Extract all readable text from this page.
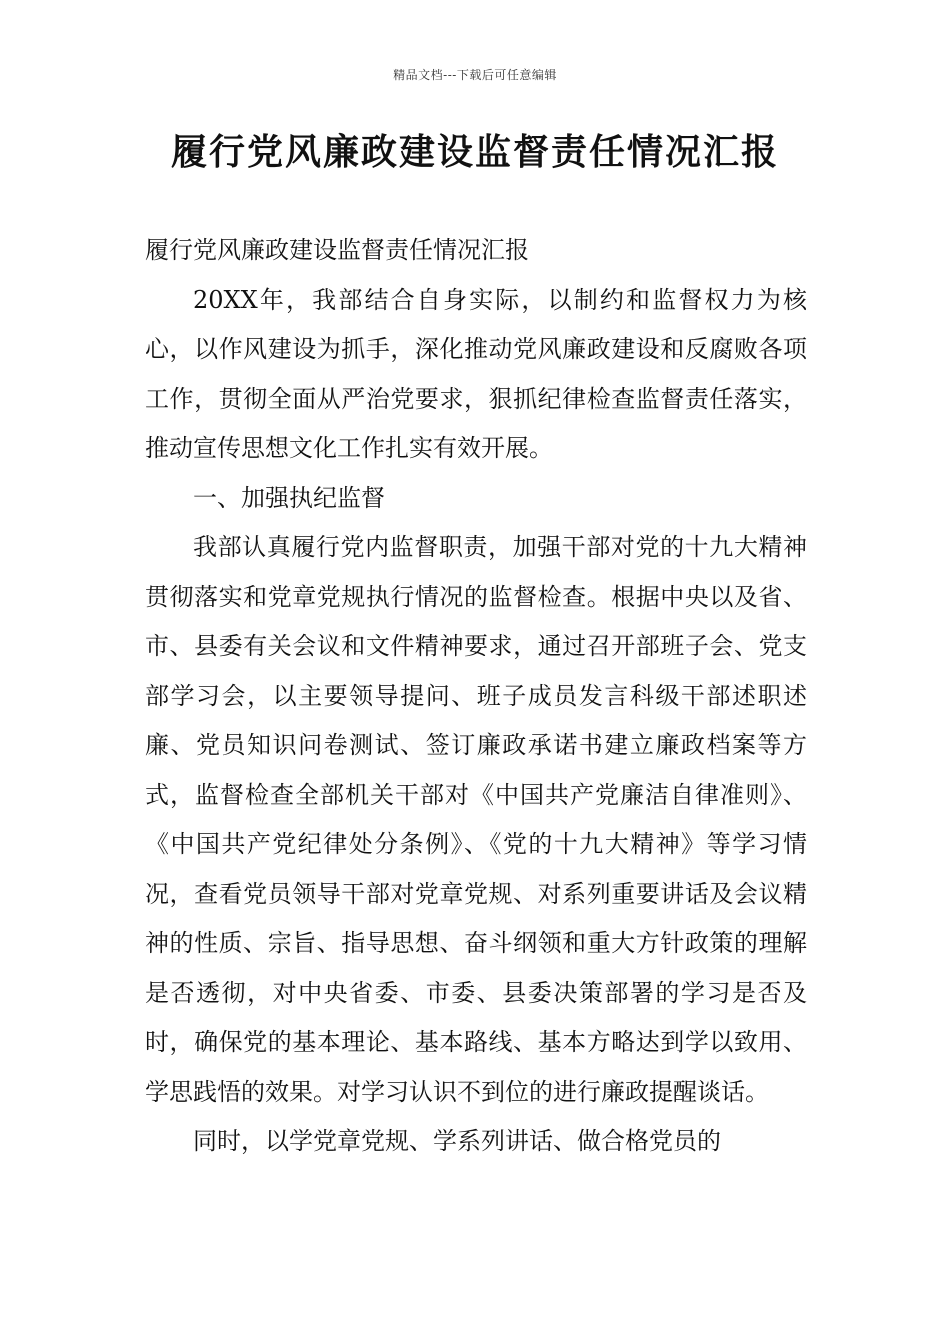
精品文档---下载后可任意编辑
履行党风廉政建设监督责任情况汇报

履行党风廉政建设监督责任情况汇报

20XX年，我部结合自身实际，以制约和监督权力为核心，以作风建设为抓手，深化推动党风廉政建设和反腐败各项工作，贯彻全面从严治党要求，狠抓纪律检查监督责任落实，推动宣传思想文化工作扎实有效开展。

一、加强执纪监督

我部认真履行党内监督职责，加强干部对党的十九大精神贯彻落实和党章党规执行情况的监督检查。根据中央以及省、市、县委有关会议和文件精神要求，通过召开部班子会、党支部学习会，以主要领导提问、班子成员发言科级干部述职述廉、党员知识问卷测试、签订廉政承诺书建立廉政档案等方式，监督检查全部机关干部对《中国共产党廉洁自律准则》、《中国共产党纪律处分条例》、《党的十九大精神》等学习情况，查看党员领导干部对党章党规、对系列重要讲话及会议精神的性质、宗旨、指导思想、奋斗纲领和重大方针政策的理解是否透彻，对中央省委、市委、县委决策部署的学习是否及时，确保党的基本理论、基本路线、基本方略达到学以致用、学思践悟的效果。对学习认识不到位的进行廉政提醒谈话。

同时，以学党章党规、学系列讲话、做合格党员的
